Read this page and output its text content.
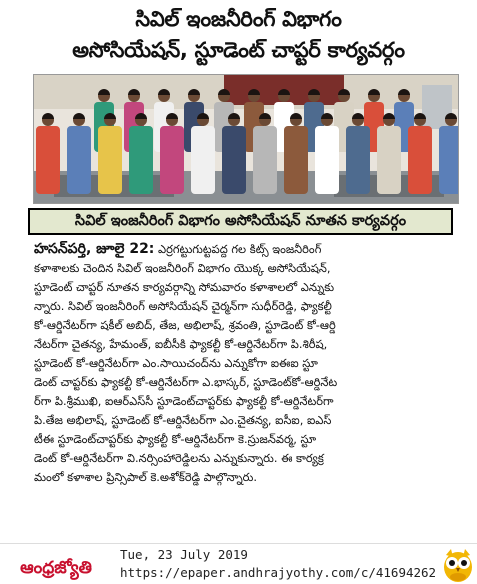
సివిల్ ఇంజనీరింగ్ విభాగం
అసోసియేషన్, స్టూడెంట్ చాప్టర్ కార్యవర్గం
సివిల్ ఇంజనీరింగ్ విభాగం అసోసియేషన్ నూతన కార్యవర్గం
హసన్‌పర్తి, జూలై 22: ఎర్రగట్టుగుట్టపద్ద గల కిట్స్ ఇంజనీరింగ్
కళాశాలకు చెందిన సివిల్ ఇంజనీరింగ్ విభాగం యొక్క అసోసియేషన్,
స్టూడెంట్ చాప్టర్ నూతన కార్యవర్గాన్ని సోమవారం కళాశాలలో ఎన్నుకు
న్నారు. సివిల్ ఇంజనీరింగ్ అసోసియేషన్ చైర్మన్‌గా సుధీర్‌రెడ్డి, ఫ్యాకల్టీ
కో-ఆర్డినేటర్‌గా షకీల్ అబిద్, తేజ, అభిలాష్, శ్రవంతి, స్టూడెంట్ కో-ఆర్డి
నేటర్‌గా చైతన్య, హేమంత్, ఐబీసీకి ఫ్యాకల్టీ కో-ఆర్డినేటర్‌గా పి.శిరీష,
స్టూడెంట్ కో-ఆర్డినేటర్‌గా ఎం.సాయిచంద్‌ను ఎన్నుకోగా ఐఈఐ స్టూ
డెంట్ చాప్టర్‌కు ఫ్యాకల్టీ కో-ఆర్డినేటర్‌గా ఎ.భాస్కర్, స్టూడెంట్‌కో-ఆర్డినేట
ర్‌గా పి.శ్రీముఖి, ఐఆర్ఎస్‌సీ స్టూడెంట్‌చాప్టర్‌కు ఫ్యాకల్టీ కో-ఆర్డినేటర్‌గా
పి.తేజ అభిలాష్, స్టూడెంట్ కో-ఆర్డినేటర్‌గా ఎం.చైతన్య, ఐసీఐ, ఐఎస్
టీఈ స్టూడెంట్‌చాప్టర్‌కు ఫ్యాకల్టీ కో-ఆర్డినేటర్‌గా కె.స్రుజన్‌వర్మ, స్టూ
డెంట్ కో-ఆర్డినేటర్‌గా వి.నర్సింహారెడ్డిలను ఎన్నుకున్నారు. ఈ కార్యక్ర
మంలో కళాశాల ప్రిన్సిపాల్ కె.అశోక్‌రెడ్డి పాల్గొన్నారు.
ఆంధ్రజ్యోతి
Tue, 23 July 2019
https://epaper.andhrajyothy.com/c/41694262
